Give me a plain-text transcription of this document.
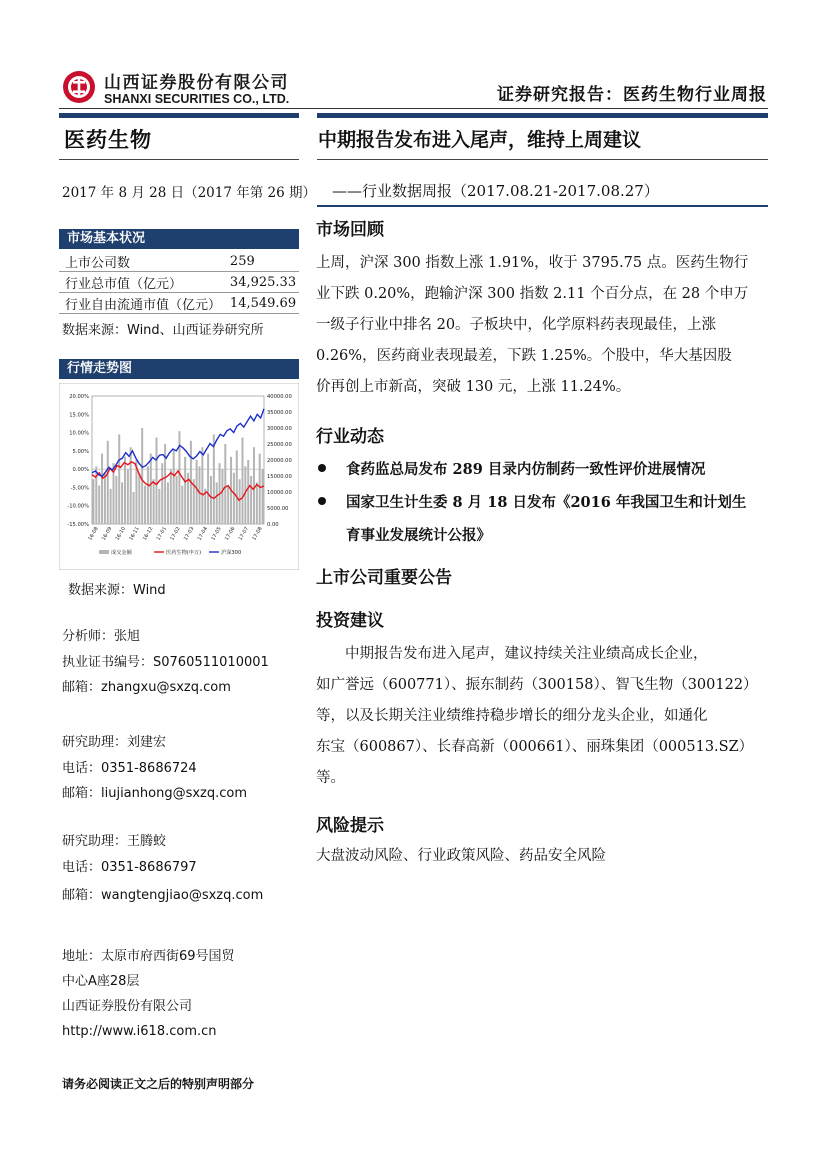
山西证券股份有限公司
SHANXI SECURITIES CO., LTD.	证券研究报告：医药生物行业周报
医药生物	中期报告发布进入尾声，维持上周建议
2017 年 8 月 28 日（2017 年第 26 期） ——行业数据周报（2017.08.21-2017.08.27）
市场基本状况
上市公司数	259
行业总市值（亿元）	34,925.33
行业自由流通市值（亿元）	14,549.69
数据来源：Wind、山西证券研究所
行情走势图
20.00%
15.00%
10.00%
5.00%
0.00%
-5.00%
-10.00%
-15.00%
40000.00
35000.00
30000.00
25000.00
20000.00
15000.00
10000.00
5000.00
0.00
16-08 16-09 16-10 16-11 16-12 17-01 17-02 17-03 17-04 17-05 17-06 17-07 17-08
成交金额	医药生物(申万)	沪深300
数据来源：Wind
分析师：张旭
执业证书编号：S0760511010001
邮箱：zhangxu@sxzq.com
研究助理：刘建宏
电话：0351-8686724
邮箱：liujianhong@sxzq.com
研究助理：王腾蛟
电话：0351-8686797
邮箱：wangtengjiao@sxzq.com
地址：太原市府西街69号国贸
中心A座28层
山西证券股份有限公司
http://www.i618.com.cn
请务必阅读正文之后的特别声明部分
市场回顾
上周，沪深 300 指数上涨 1.91%，收于 3795.75 点。医药生物行
业下跌 0.20%，跑输沪深 300 指数 2.11 个百分点，在 28 个申万
一级子行业中排名 20。子板块中，化学原料药表现最佳，上涨
0.26%，医药商业表现最差，下跌 1.25%。个股中，华大基因股
价再创上市新高，突破 130 元，上涨 11.24%。
行业动态
食药监总局发布 289 目录内仿制药一致性评价进展情况
国家卫生计生委 8 月 18 日发布《2016 年我国卫生和计划生
育事业发展统计公报》
上市公司重要公告
投资建议
中期报告发布进入尾声，建议持续关注业绩高成长企业，
如广誉远（600771）、振东制药（300158）、智飞生物（300122）
等，以及长期关注业绩维持稳步增长的细分龙头企业，如通化
东宝（600867）、长春高新（000661）、丽珠集团（000513.SZ）
等。
风险提示
大盘波动风险、行业政策风险、药品安全风险
